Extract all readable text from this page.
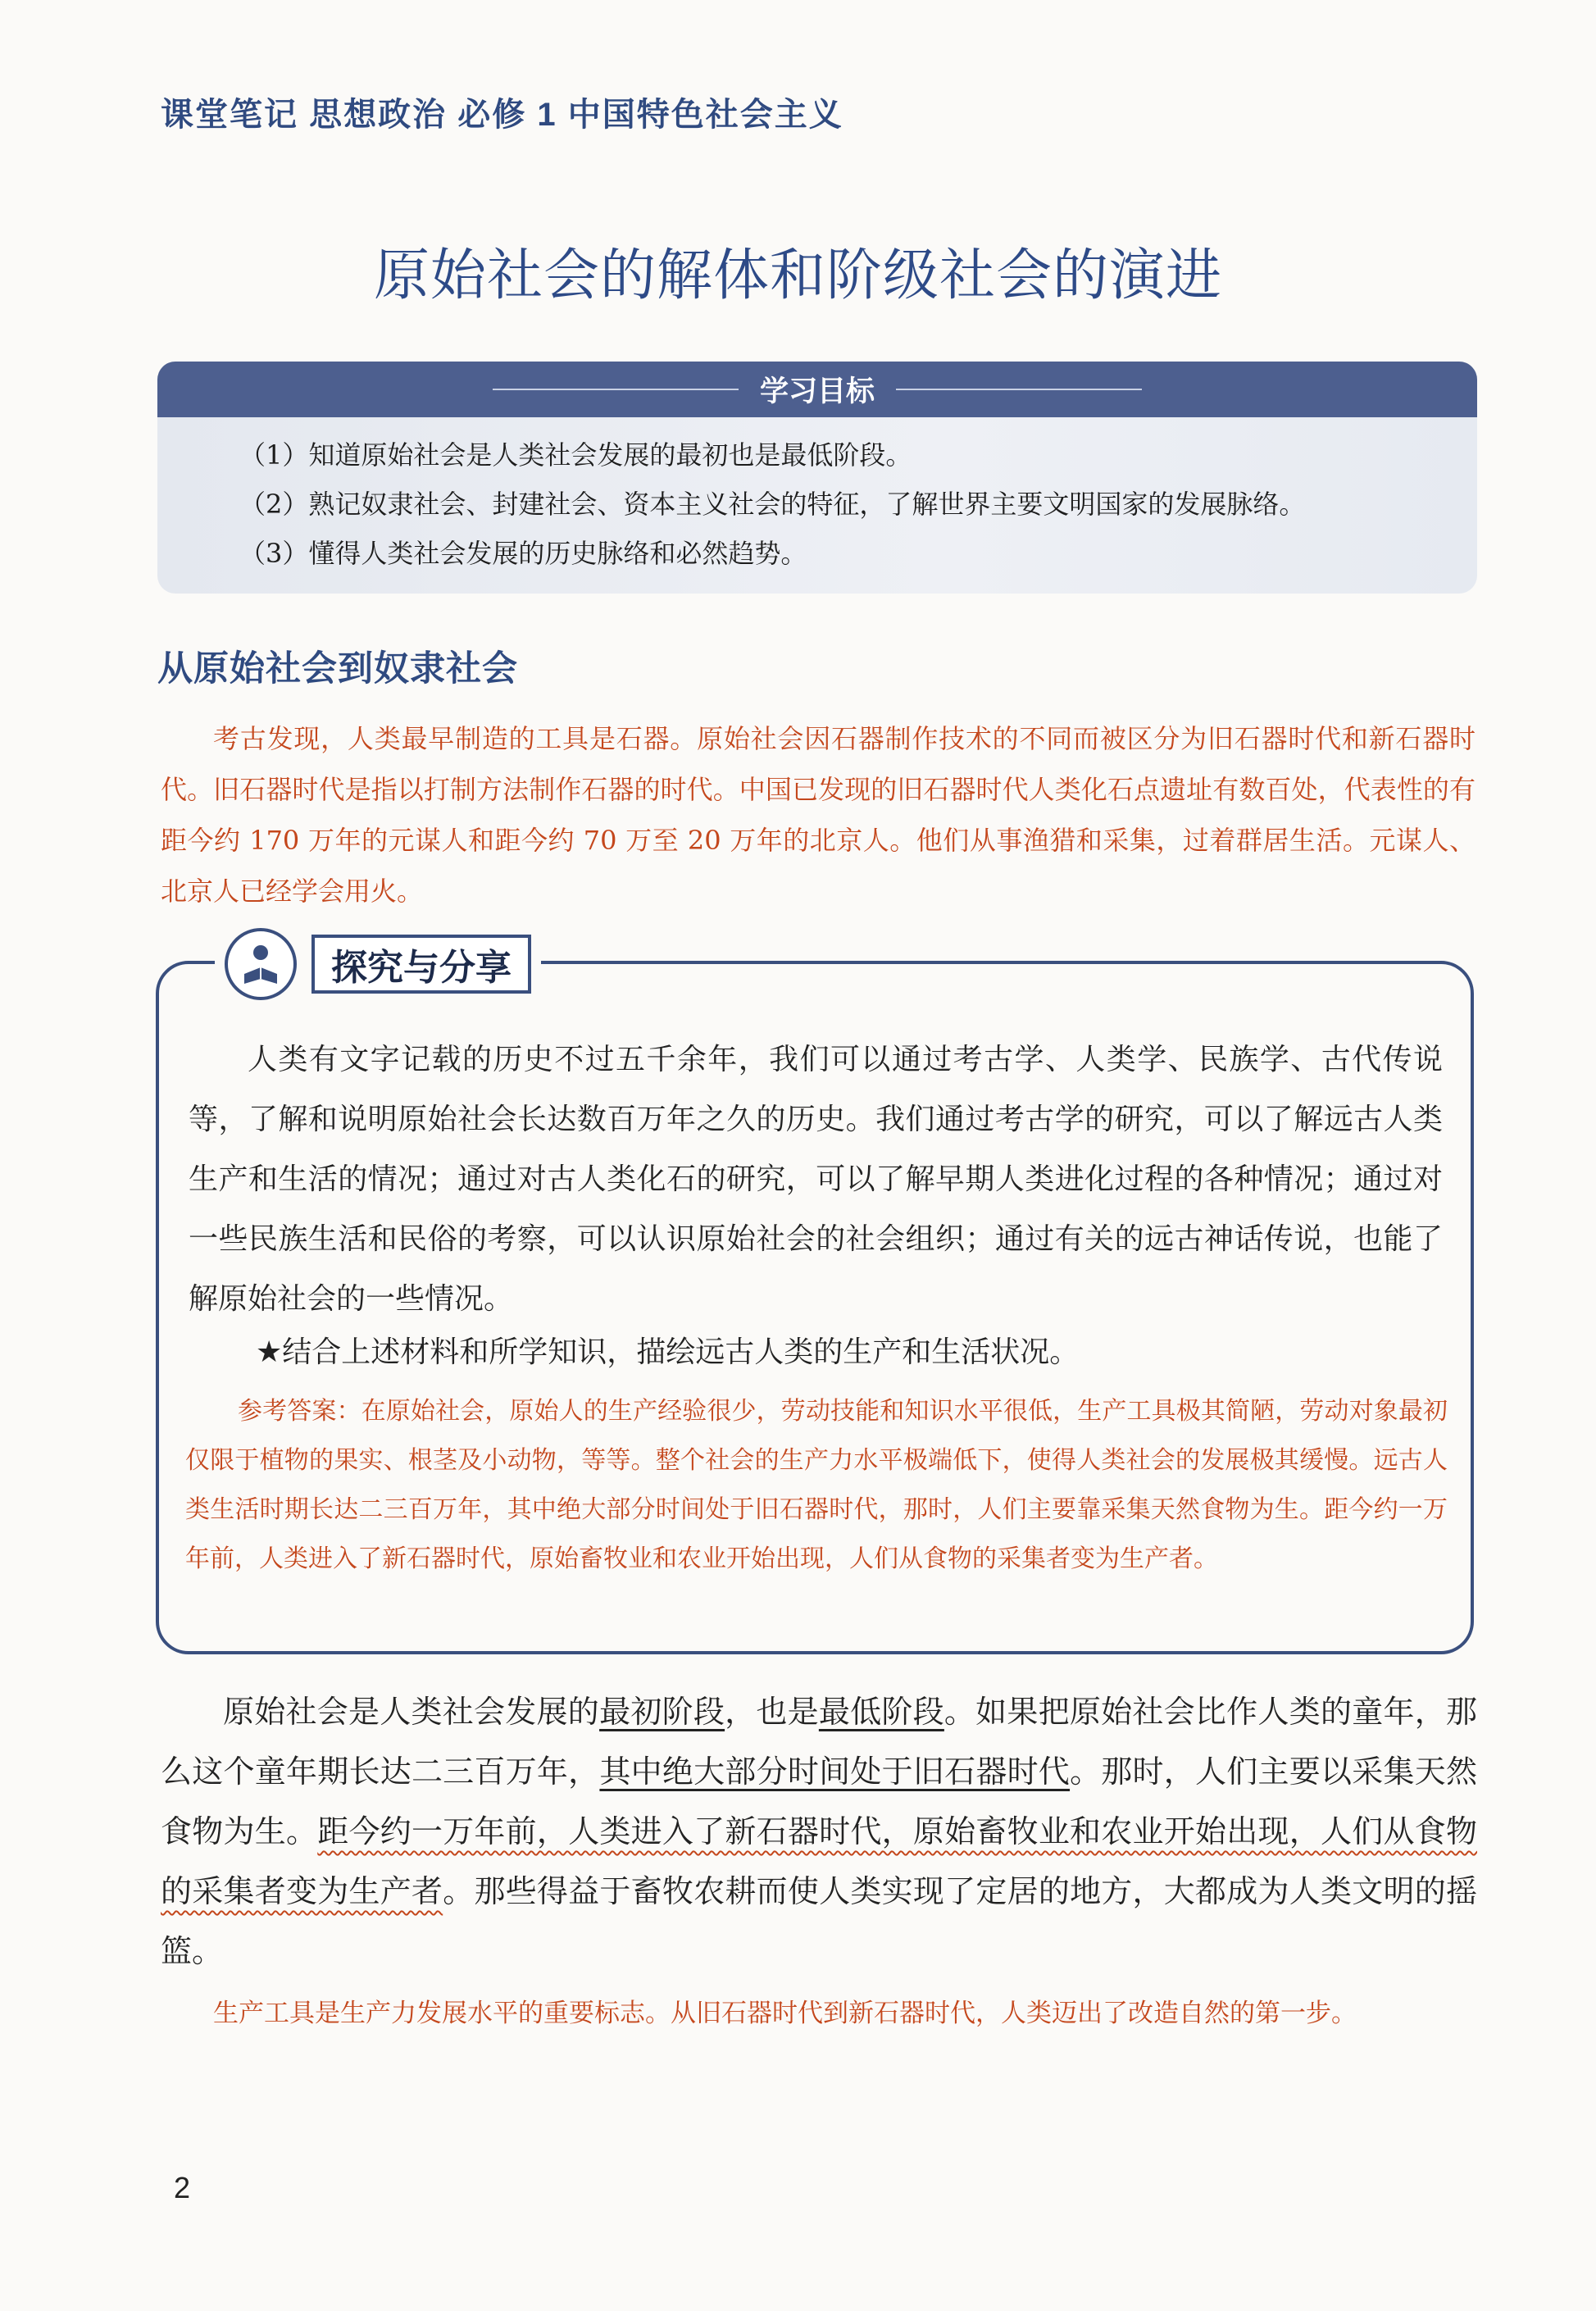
课堂笔记 思想政治 必修 1 中国特色社会主义
原始社会的解体和阶级社会的演进
学习目标
（1）知道原始社会是人类社会发展的最初也是最低阶段。
（2）熟记奴隶社会、封建社会、资本主义社会的特征，了解世界主要文明国家的发展脉络。
（3）懂得人类社会发展的历史脉络和必然趋势。
从原始社会到奴隶社会
考古发现，人类最早制造的工具是石器。原始社会因石器制作技术的不同而被区分为旧石器时代和新石器时代。旧石器时代是指以打制方法制作石器的时代。中国已发现的旧石器时代人类化石点遗址有数百处，代表性的有距今约 170 万年的元谋人和距今约 70 万至 20 万年的北京人。他们从事渔猎和采集，过着群居生活。元谋人、北京人已经学会用火。
探究与分享
人类有文字记载的历史不过五千余年，我们可以通过考古学、人类学、民族学、古代传说等，了解和说明原始社会长达数百万年之久的历史。我们通过考古学的研究，可以了解远古人类生产和生活的情况；通过对古人类化石的研究，可以了解早期人类进化过程的各种情况；通过对一些民族生活和民俗的考察，可以认识原始社会的社会组织；通过有关的远古神话传说，也能了解原始社会的一些情况。
★结合上述材料和所学知识，描绘远古人类的生产和生活状况。
参考答案：在原始社会，原始人的生产经验很少，劳动技能和知识水平很低，生产工具极其简陋，劳动对象最初仅限于植物的果实、根茎及小动物，等等。整个社会的生产力水平极端低下，使得人类社会的发展极其缓慢。远古人类生活时期长达二三百万年，其中绝大部分时间处于旧石器时代，那时，人们主要靠采集天然食物为生。距今约一万年前，人类进入了新石器时代，原始畜牧业和农业开始出现，人们从食物的采集者变为生产者。
原始社会是人类社会发展的最初阶段，也是最低阶段。如果把原始社会比作人类的童年，那么这个童年期长达二三百万年，其中绝大部分时间处于旧石器时代。那时，人们主要以采集天然食物为生。距今约一万年前，人类进入了新石器时代，原始畜牧业和农业开始出现，人们从食物的采集者变为生产者。那些得益于畜牧农耕而使人类实现了定居的地方，大都成为人类文明的摇篮。
生产工具是生产力发展水平的重要标志。从旧石器时代到新石器时代，人类迈出了改造自然的第一步。
2
